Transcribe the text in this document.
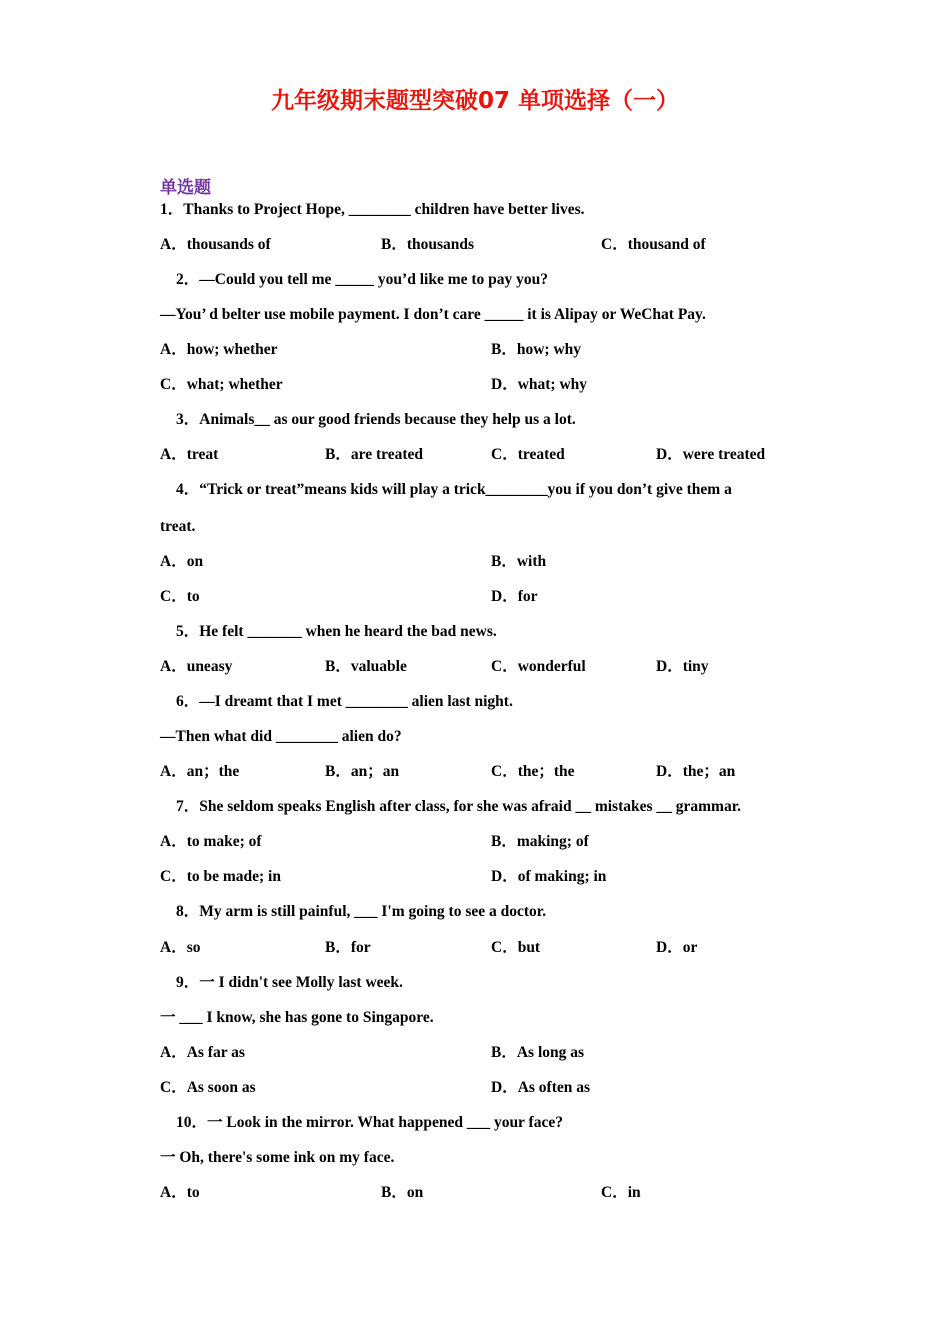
九年级期末题型突破07 单项选择（一）
单选题
1．Thanks to Project Hope, ________ children have better lives.
A．thousands of	B．thousands	C．thousand of
2．—Could you tell me _____ you’d like me to pay you?
—You’ d belter use mobile payment. I don’t care _____ it is Alipay or WeChat Pay.
A．how; whether	B．how; why
C．what; whether	D．what; why
3．Animals__ as our good friends because they help us a lot.
A．treat	B．are treated	C．treated	D．were treated
4．“Trick or treat”means kids will play a trick________you if you don’t give them a
treat.
A．on	B．with
C．to	D．for
5．He felt _______ when he heard the bad news.
A．uneasy	B．valuable	C．wonderful	D．tiny
6．—I dreamt that I met ________ alien last night.
—Then what did ________ alien do?
A．an；the	B．an；an	C．the；the	D．the；an
7．She seldom speaks English after class, for she was afraid __ mistakes __ grammar.
A．to make; of	B．making; of
C．to be made; in	D．of making; in
8．My arm is still painful, ___ I'm going to see a doctor.
A．so	B．for	C．but	D．or
9．一 I didn't see Molly last week.
一 ___ I know, she has gone to Singapore.
A．As far as	B．As long as
C．As soon as	D．As often as
10．一 Look in the mirror. What happened ___ your face?
一 Oh, there's some ink on my face.
A．to	B．on	C．in
